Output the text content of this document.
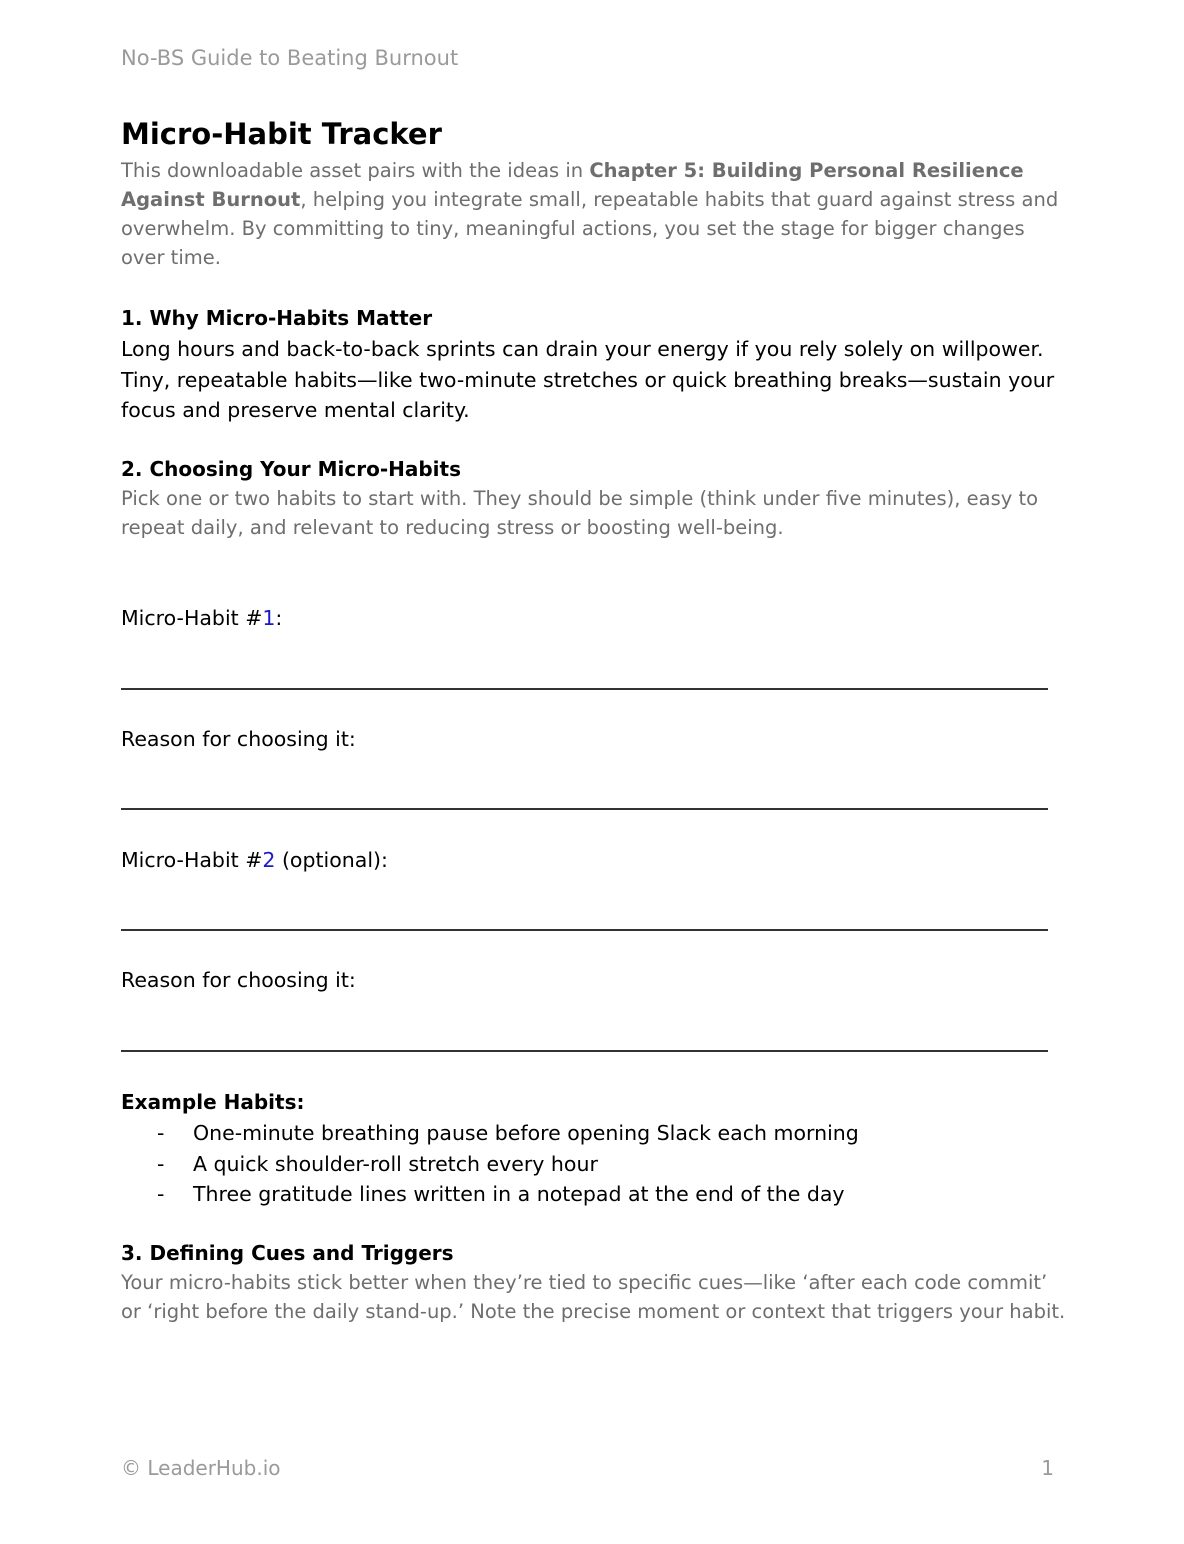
No-BS Guide to Beating Burnout
Micro-Habit Tracker

This downloadable asset pairs with the ideas in Chapter 5: Building Personal Resilience Against Burnout, helping you integrate small, repeatable habits that guard against stress and overwhelm. By committing to tiny, meaningful actions, you set the stage for bigger changes over time.

1. Why Micro-Habits Matter

Long hours and back-to-back sprints can drain your energy if you rely solely on willpower. Tiny, repeatable habits—like two-minute stretches or quick breathing breaks—sustain your focus and preserve mental clarity.

2. Choosing Your Micro-Habits

Pick one or two habits to start with. They should be simple (think under five minutes), easy to repeat daily, and relevant to reducing stress or boosting well-being.

Micro-Habit #1:
Reason for choosing it:
Micro-Habit #2 (optional):
Reason for choosing it:
Example Habits:
- One-minute breathing pause before opening Slack each morning
- A quick shoulder-roll stretch every hour
- Three gratitude lines written in a notepad at the end of the day
3. Defining Cues and Triggers

Your micro-habits stick better when they’re tied to specific cues—like ‘after each code commit’ or ‘right before the daily stand-up.’ Note the precise moment or context that triggers your habit.

© LeaderHub.io	1
